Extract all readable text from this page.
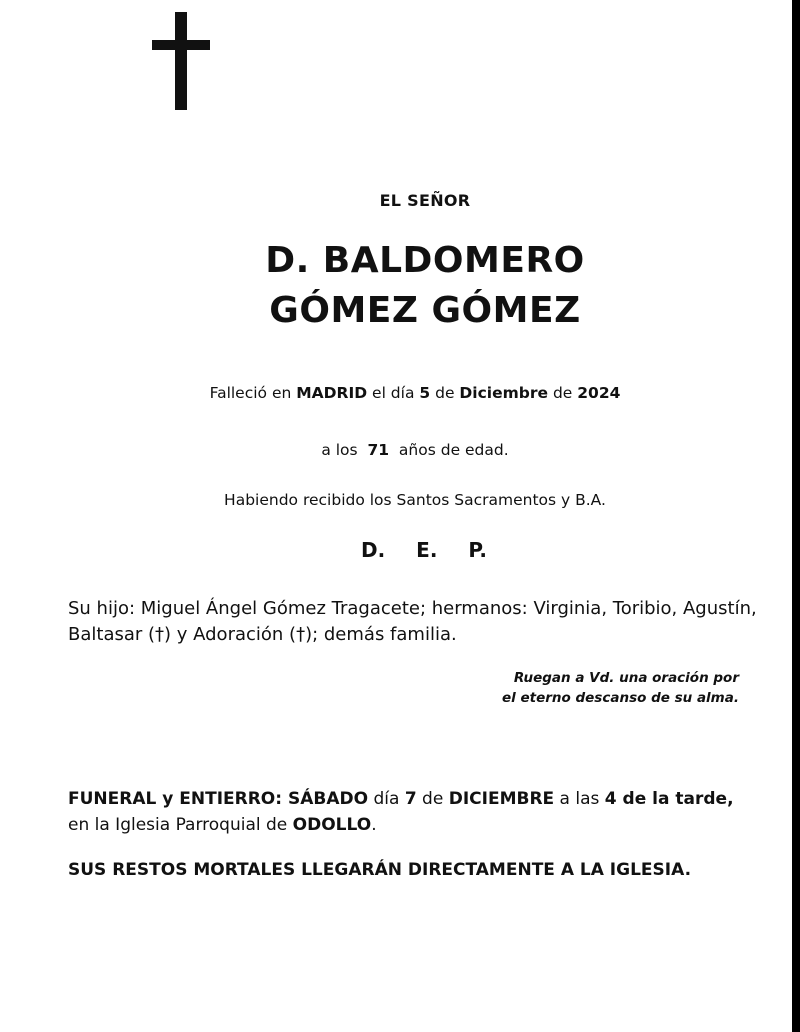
EL SEÑOR
D. BALDOMERO
GÓMEZ GÓMEZ
Falleció en MADRID el día 5 de Diciembre de 2024
a los  71  años de edad.
Habiendo recibido los Santos Sacramentos y B.A.
D. E. P.

Su hijo: Miguel Ángel Gómez Tragacete; hermanos: Virginia, Toribio, Agustín, Baltasar (†) y Adoración (†); demás familia.

Ruegan a Vd. una oración por
el eterno descanso de su alma.
FUNERAL y ENTIERRO: SÁBADO día 7 de DICIEMBRE a las 4 de la tarde,
en la Iglesia Parroquial de ODOLLO.
SUS RESTOS MORTALES LLEGARÁN DIRECTAMENTE A LA IGLESIA.
